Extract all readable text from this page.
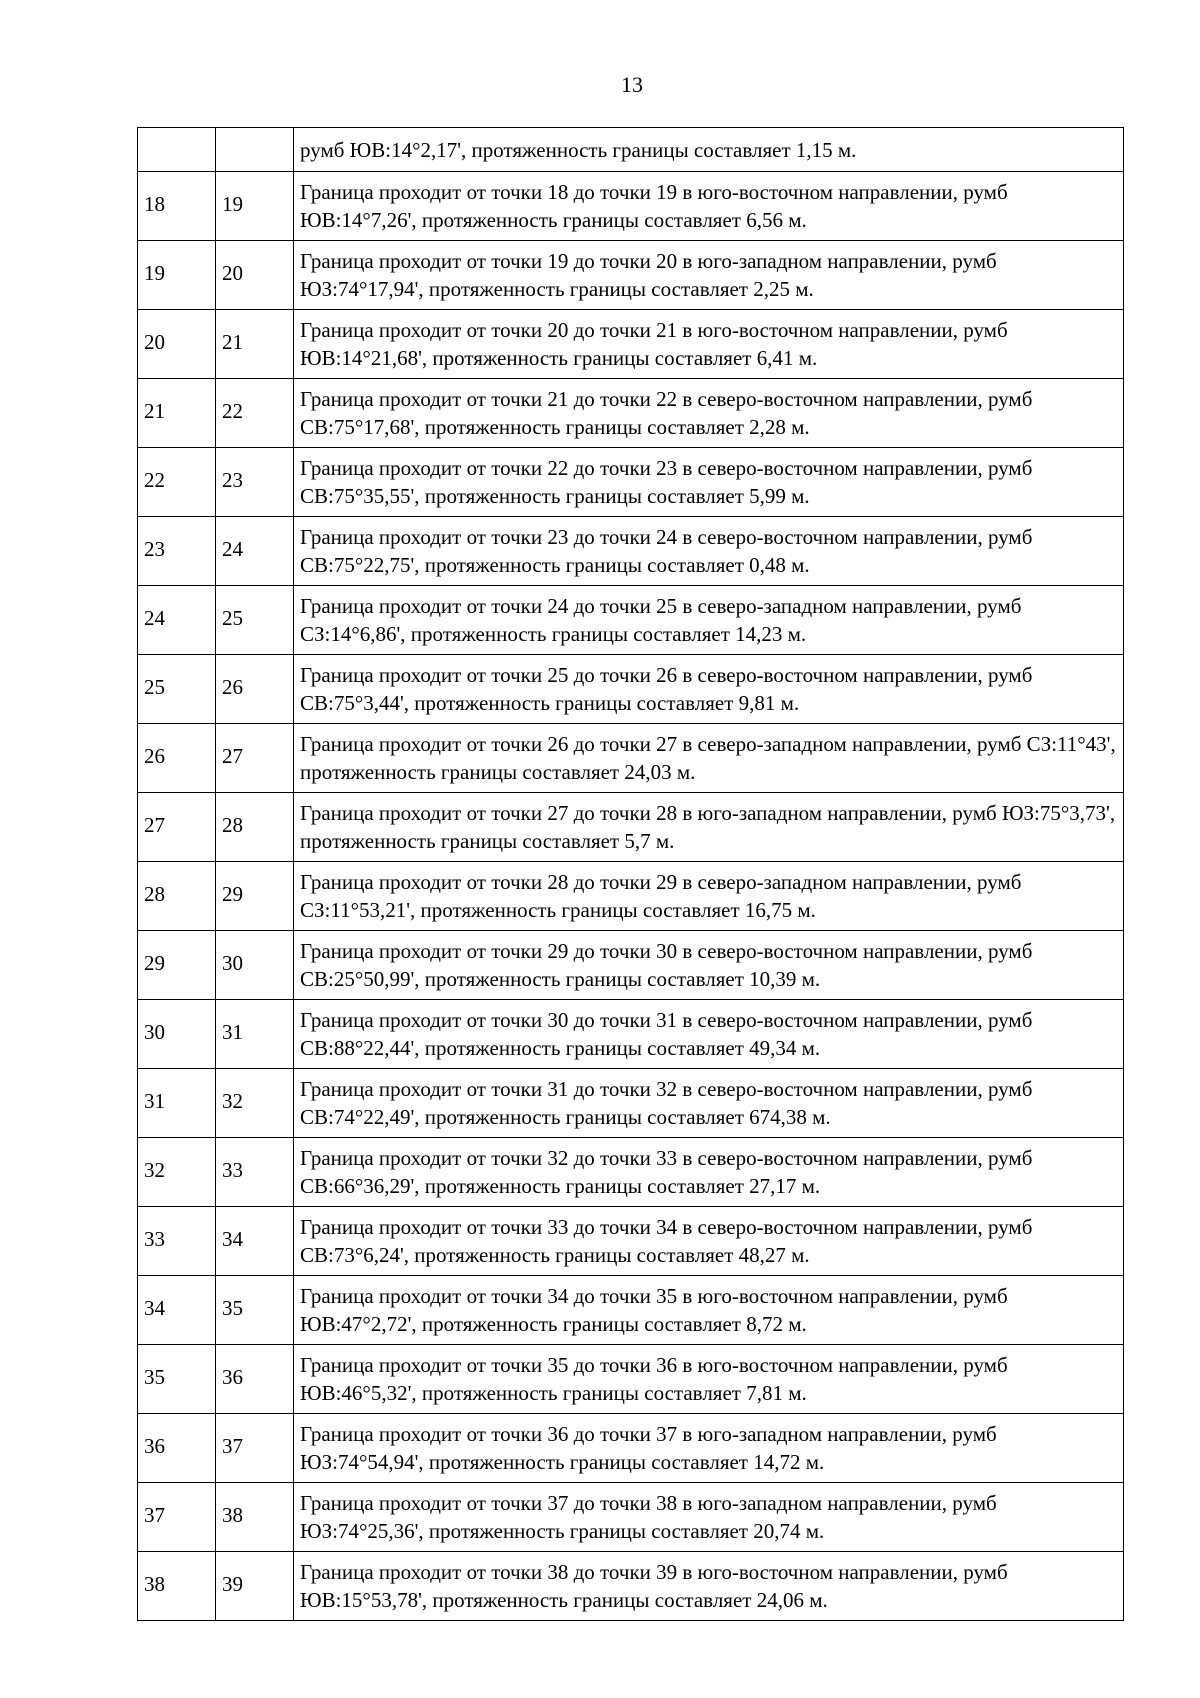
13
		румб ЮВ:14°2,17', протяженность границы составляет 1,15 м.
18	19	Граница проходит от точки 18 до точки 19 в юго-восточном направлении, румб ЮВ:14°7,26', протяженность границы составляет 6,56 м.
19	20	Граница проходит от точки 19 до точки 20 в юго-западном направлении, румб ЮЗ:74°17,94', протяженность границы составляет 2,25 м.
20	21	Граница проходит от точки 20 до точки 21 в юго-восточном направлении, румб ЮВ:14°21,68', протяженность границы составляет 6,41 м.
21	22	Граница проходит от точки 21 до точки 22 в северо-восточном направлении, румб СВ:75°17,68', протяженность границы составляет 2,28 м.
22	23	Граница проходит от точки 22 до точки 23 в северо-восточном направлении, румб СВ:75°35,55', протяженность границы составляет 5,99 м.
23	24	Граница проходит от точки 23 до точки 24 в северо-восточном направлении, румб СВ:75°22,75', протяженность границы составляет 0,48 м.
24	25	Граница проходит от точки 24 до точки 25 в северо-западном направлении, румб СЗ:14°6,86', протяженность границы составляет 14,23 м.
25	26	Граница проходит от точки 25 до точки 26 в северо-восточном направлении, румб СВ:75°3,44', протяженность границы составляет 9,81 м.
26	27	Граница проходит от точки 26 до точки 27 в северо-западном направлении, румб СЗ:11°43', протяженность границы составляет 24,03 м.
27	28	Граница проходит от точки 27 до точки 28 в юго-западном направлении, румб ЮЗ:75°3,73', протяженность границы составляет 5,7 м.
28	29	Граница проходит от точки 28 до точки 29 в северо-западном направлении, румб СЗ:11°53,21', протяженность границы составляет 16,75 м.
29	30	Граница проходит от точки 29 до точки 30 в северо-восточном направлении, румб СВ:25°50,99', протяженность границы составляет 10,39 м.
30	31	Граница проходит от точки 30 до точки 31 в северо-восточном направлении, румб СВ:88°22,44', протяженность границы составляет 49,34 м.
31	32	Граница проходит от точки 31 до точки 32 в северо-восточном направлении, румб СВ:74°22,49', протяженность границы составляет 674,38 м.
32	33	Граница проходит от точки 32 до точки 33 в северо-восточном направлении, румб СВ:66°36,29', протяженность границы составляет 27,17 м.
33	34	Граница проходит от точки 33 до точки 34 в северо-восточном направлении, румб СВ:73°6,24', протяженность границы составляет 48,27 м.
34	35	Граница проходит от точки 34 до точки 35 в юго-восточном направлении, румб ЮВ:47°2,72', протяженность границы составляет 8,72 м.
35	36	Граница проходит от точки 35 до точки 36 в юго-восточном направлении, румб ЮВ:46°5,32', протяженность границы составляет 7,81 м.
36	37	Граница проходит от точки 36 до точки 37 в юго-западном направлении, румб ЮЗ:74°54,94', протяженность границы составляет 14,72 м.
37	38	Граница проходит от точки 37 до точки 38 в юго-западном направлении, румб ЮЗ:74°25,36', протяженность границы составляет 20,74 м.
38	39	Граница проходит от точки 38 до точки 39 в юго-восточном направлении, румб ЮВ:15°53,78', протяженность границы составляет 24,06 м.
